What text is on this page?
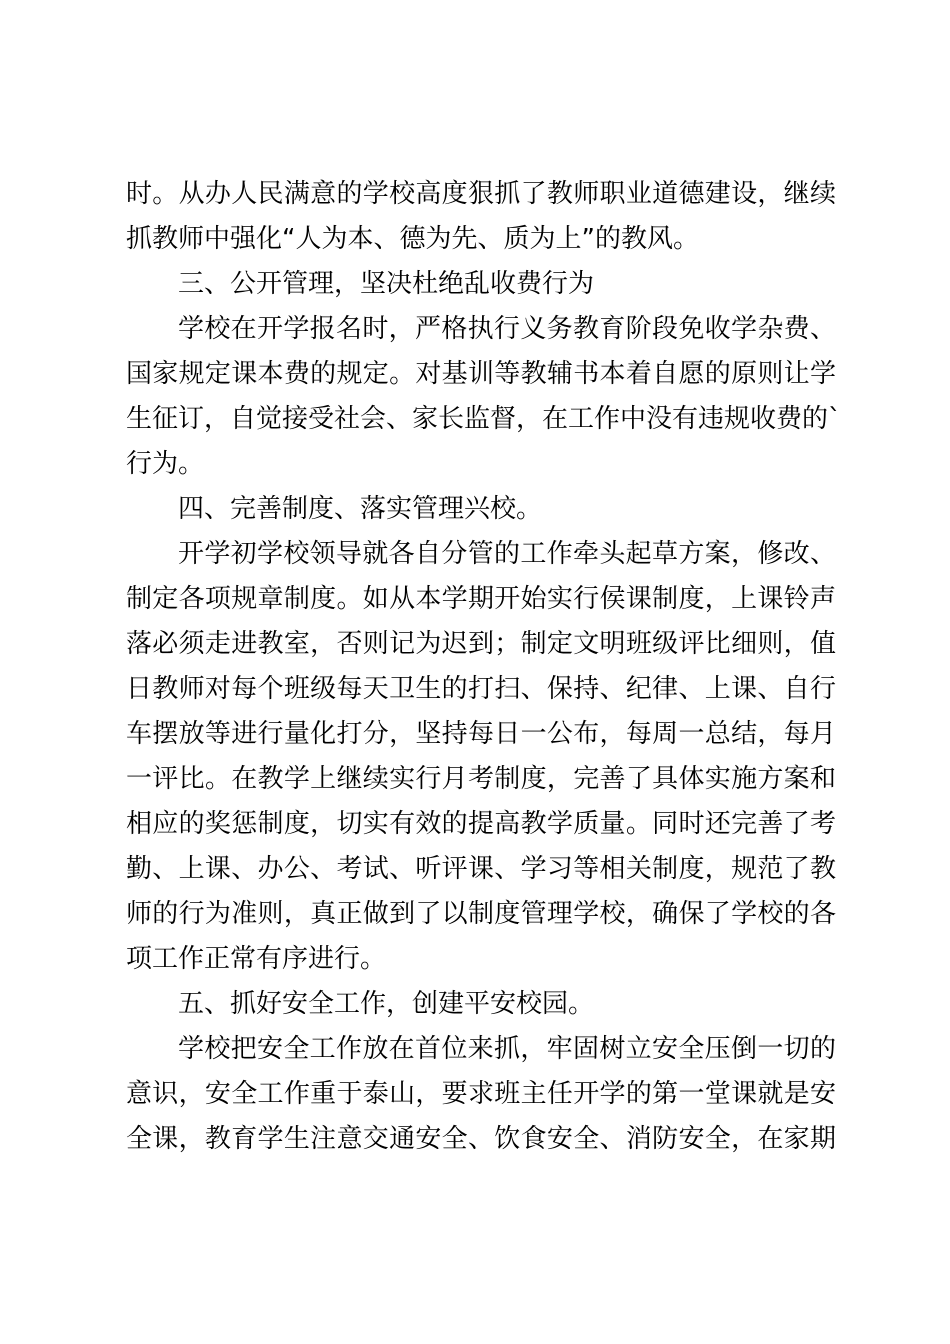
时。从办人民满意的学校高度狠抓了教师职业道德建设，继续
抓教师中强化“人为本、德为先、质为上”的教风。
三、公开管理，坚决杜绝乱收费行为
学校在开学报名时，严格执行义务教育阶段免收学杂费、
国家规定课本费的规定。对基训等教辅书本着自愿的原则让学
生征订，自觉接受社会、家长监督，在工作中没有违规收费的`
行为。
四、完善制度、落实管理兴校。
开学初学校领导就各自分管的工作牵头起草方案，修改、
制定各项规章制度。如从本学期开始实行侯课制度，上课铃声
落必须走进教室，否则记为迟到；制定文明班级评比细则，值
日教师对每个班级每天卫生的打扫、保持、纪律、上课、自行
车摆放等进行量化打分，坚持每日一公布，每周一总结，每月
一评比。在教学上继续实行月考制度，完善了具体实施方案和
相应的奖惩制度，切实有效的提高教学质量。同时还完善了考
勤、上课、办公、考试、听评课、学习等相关制度，规范了教
师的行为准则，真正做到了以制度管理学校，确保了学校的各
项工作正常有序进行。
五、抓好安全工作，创建平安校园。
学校把安全工作放在首位来抓，牢固树立安全压倒一切的
意识，安全工作重于泰山，要求班主任开学的第一堂课就是安
全课，教育学生注意交通安全、饮食安全、消防安全，在家期
